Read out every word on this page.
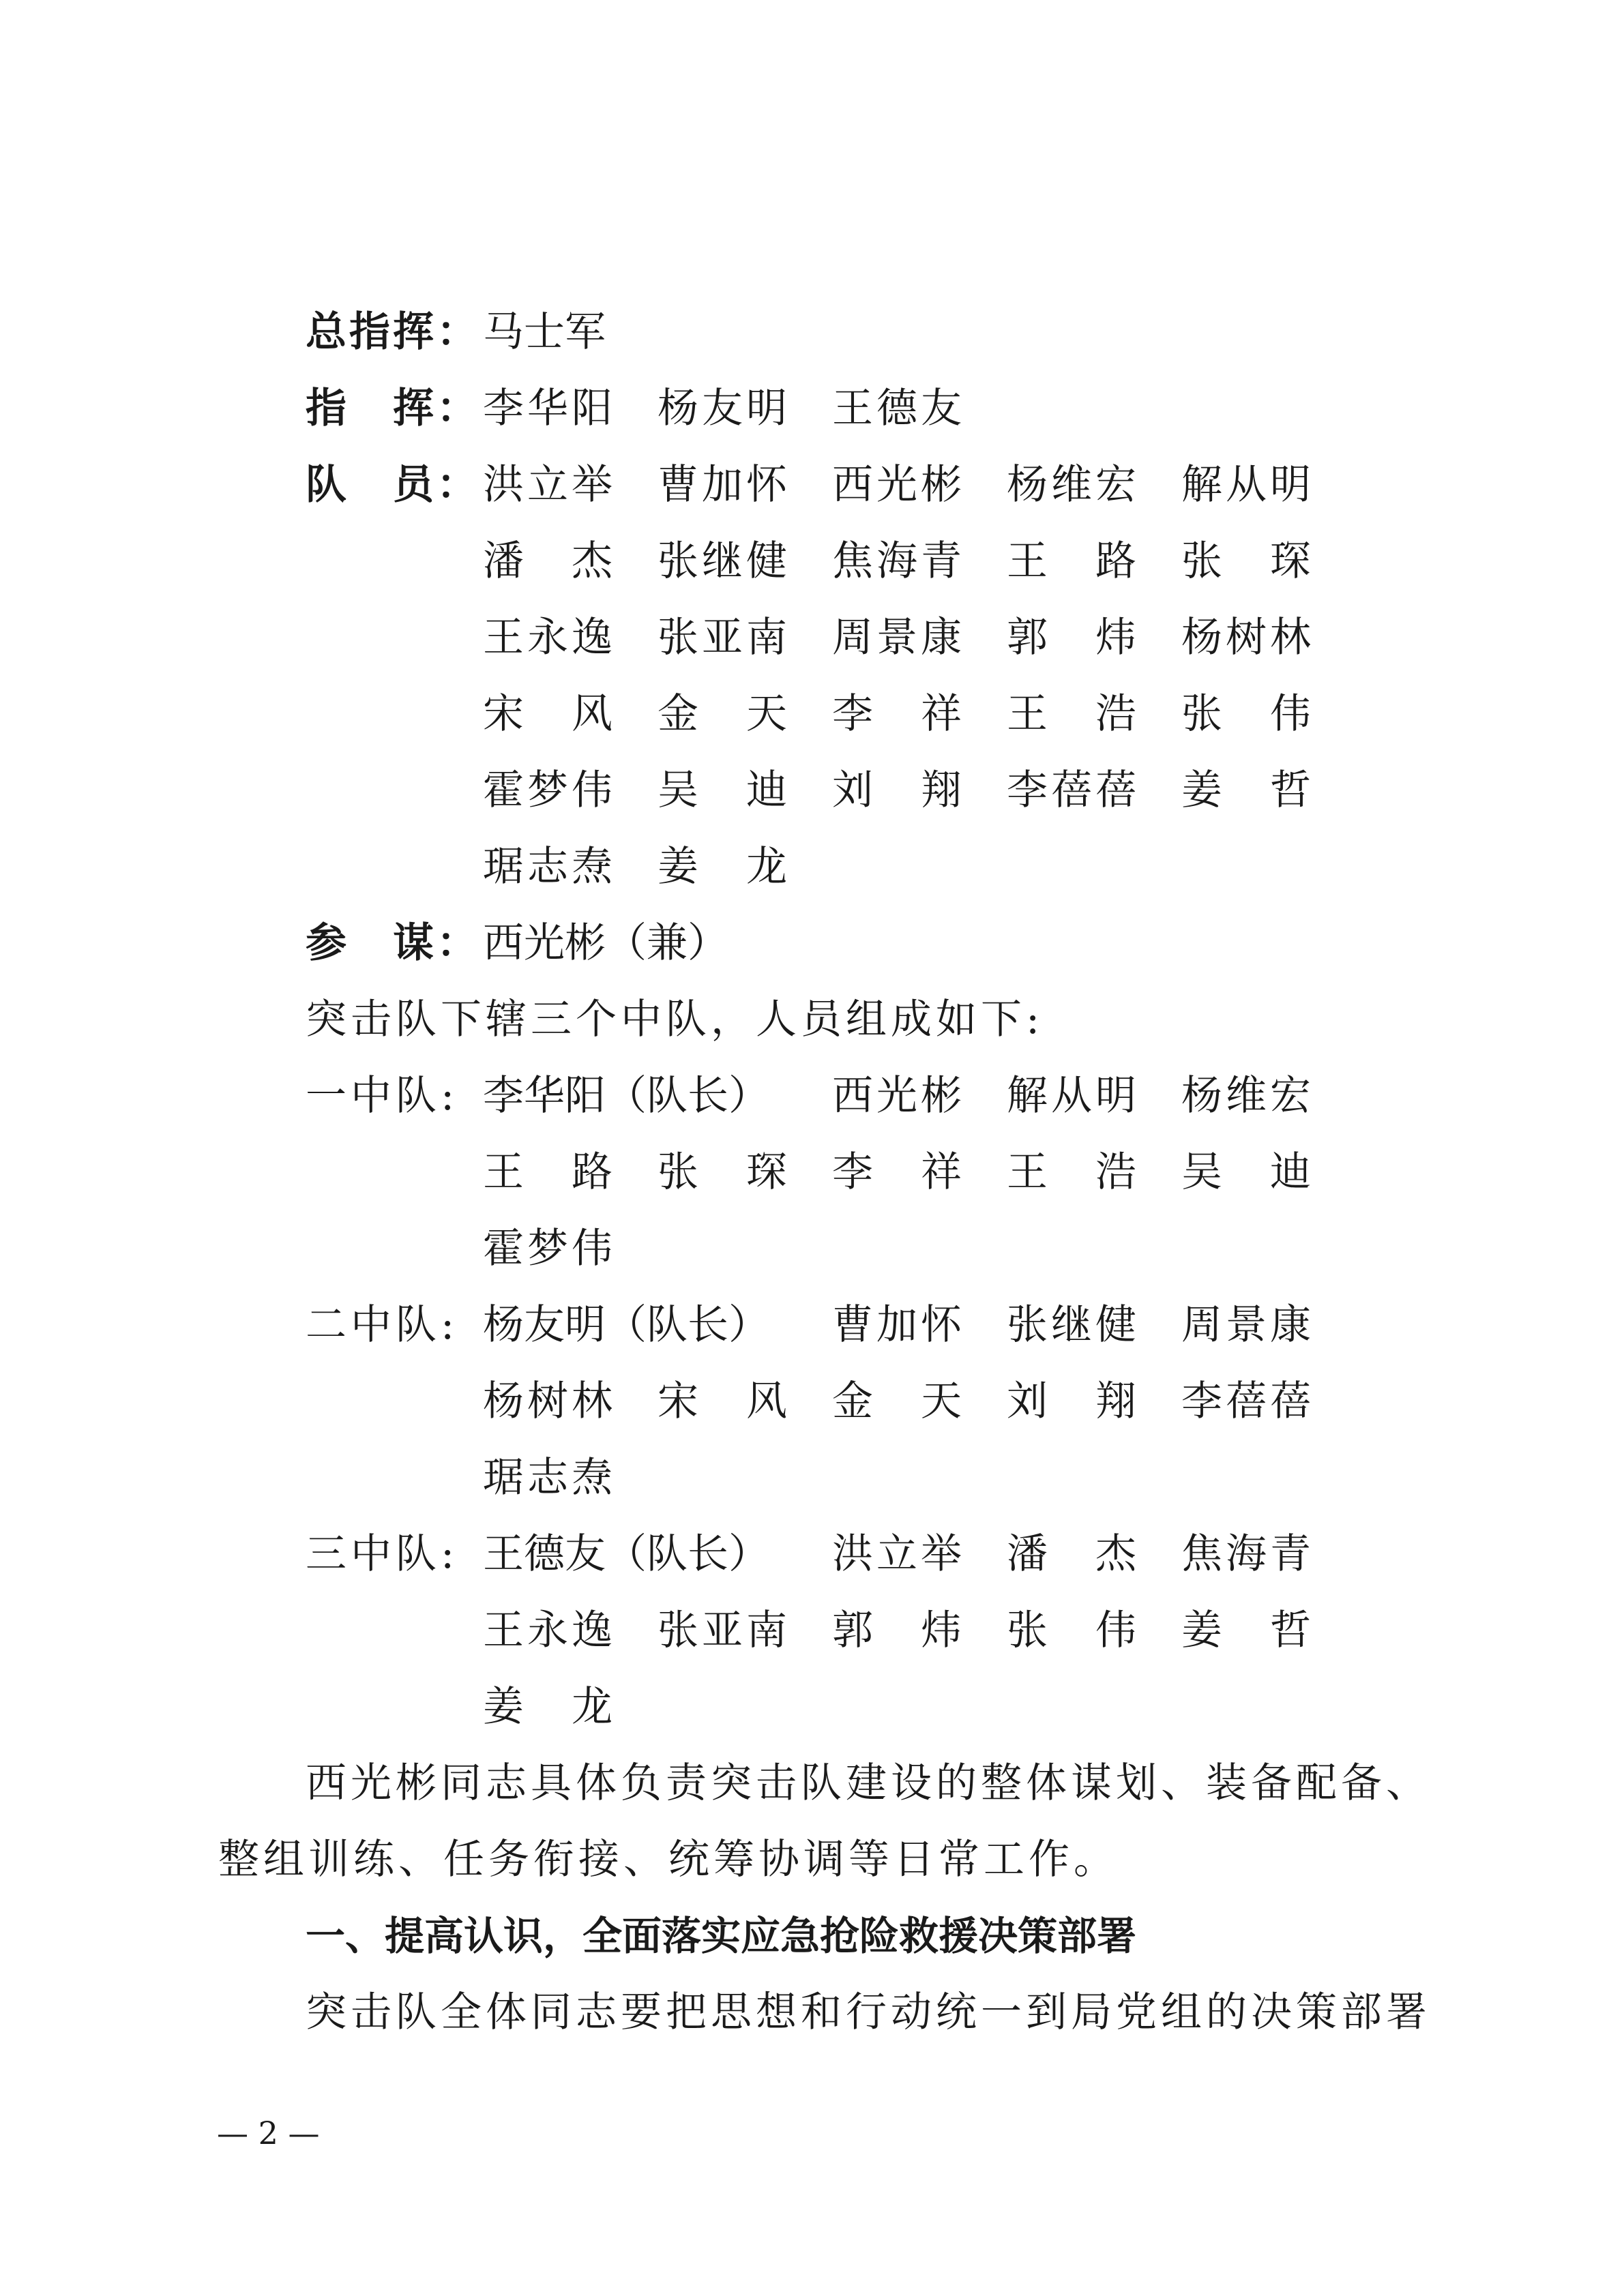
总指挥： 马士军
指　挥： 李华阳 杨友明 王德友
队　员： 洪立举 曹加怀 西光彬 杨维宏 解从明
潘　杰 张继健 焦海青 王　路 张　琛
王永逸 张亚南 周景康 郭　炜 杨树林
宋　风 金　天 李　祥 王　浩 张　伟
霍梦伟 吴　迪 刘　翔 李蓓蓓 姜　哲
琚志焘 姜　龙
参　谋： 西光彬（兼）
突击队下辖三个中队，人员组成如下:
一中队: 李华阳（队长） 西光彬 解从明 杨维宏
王　路 张　琛 李　祥 王　浩 吴　迪
霍梦伟
二中队: 杨友明（队长） 曹加怀 张继健 周景康
杨树林 宋　风 金　天 刘　翔 李蓓蓓
琚志焘
三中队: 王德友（队长） 洪立举 潘　杰 焦海青
王永逸 张亚南 郭　炜 张　伟 姜　哲
姜　龙
西光彬同志具体负责突击队建设的整体谋划、装备配备、整组训练、任务衔接、统筹协调等日常工作。
一、提高认识，全面落实应急抢险救援决策部署
突击队全体同志要把思想和行动统一到局党组的决策部署
— 2 —
